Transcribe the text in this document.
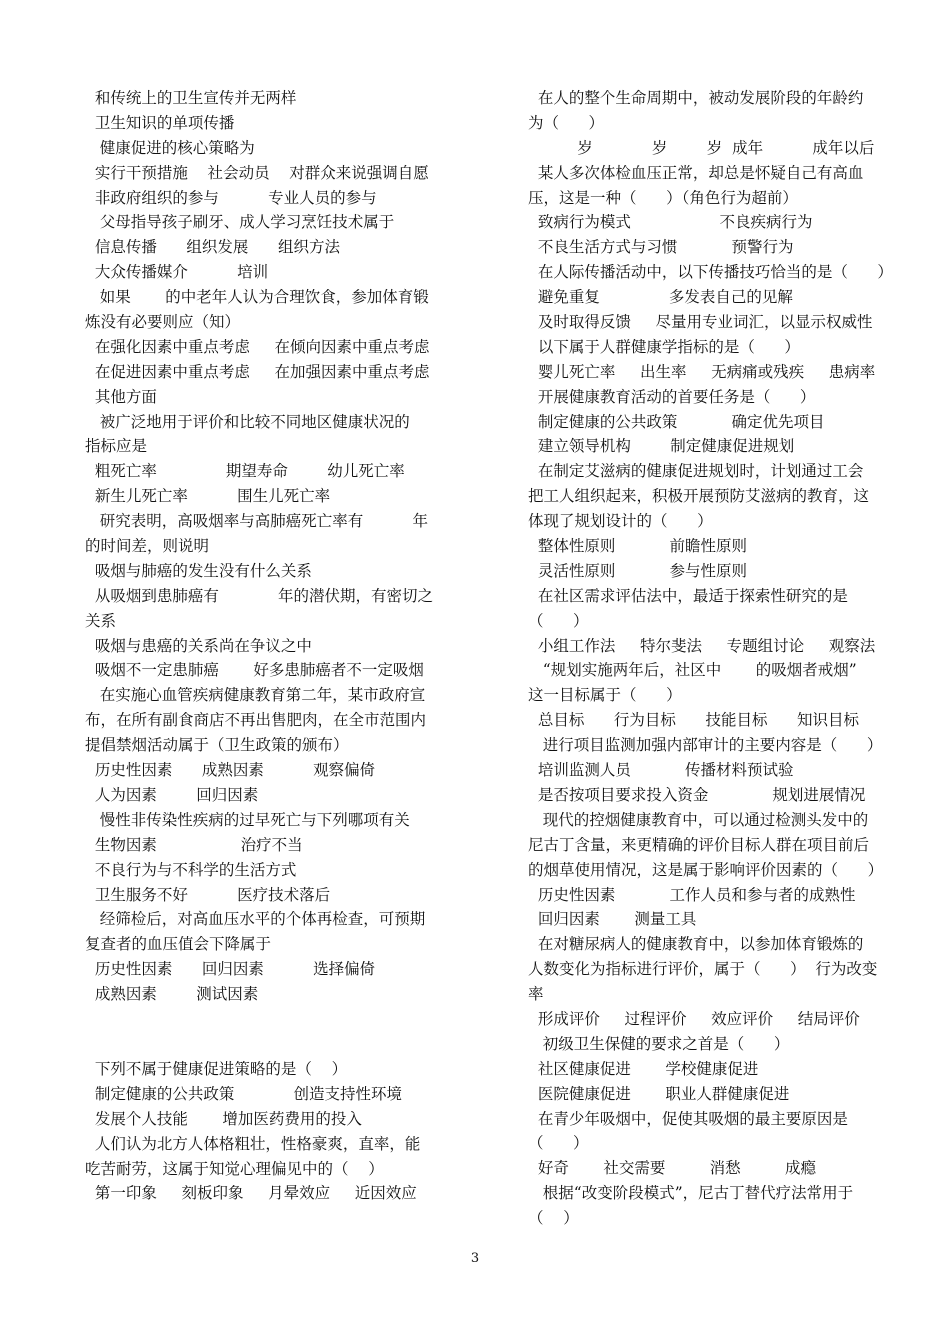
和传统上的卫生宣传并无两样
卫生知识的单项传播
健康促进的核心策略为
实行干预措施    社会动员    对群众来说强调自愿
非政府组织的参与          专业人员的参与
父母指导孩子刷牙、成人学习烹饪技术属于
信息传播      组织发展      组织方法
大众传播媒介          培训
如果       的中老年人认为合理饮食，参加体育锻
炼没有必要则应（知）
在强化因素中重点考虑     在倾向因素中重点考虑
在促进因素中重点考虑     在加强因素中重点考虑
其他方面
被广泛地用于评价和比较不同地区健康状况的
指标应是
粗死亡率              期望寿命        幼儿死亡率
新生儿死亡率          围生儿死亡率
研究表明，高吸烟率与高肺癌死亡率有          年
的时间差，则说明
吸烟与肺癌的发生没有什么关系
从吸烟到患肺癌有            年的潜伏期，有密切之
关系
吸烟与患癌的关系尚在争议之中
吸烟不一定患肺癌       好多患肺癌者不一定吸烟
在实施心血管疾病健康教育第二年，某市政府宣
布，在所有副食商店不再出售肥肉，在全市范围内
提倡禁烟活动属于（卫生政策的颁布）
历史性因素      成熟因素          观察偏倚
人为因素        回归因素
慢性非传染性疾病的过早死亡与下列哪项有关
生物因素                 治疗不当
不良行为与不科学的生活方式
卫生服务不好          医疗技术落后
经筛检后，对高血压水平的个体再检查，可预期
复查者的血压值会下降属于
历史性因素      回归因素          选择偏倚
成熟因素        测试因素
下列不属于健康促进策略的是（    ）
制定健康的公共政策            创造支持性环境
发展个人技能       增加医药费用的投入
人们认为北方人体格粗壮，性格豪爽，直率，能
吃苦耐劳，这属于知觉心理偏见中的（    ）
第一印象     刻板印象     月晕效应     近因效应
在人的整个生命周期中，被动发展阶段的年龄约
为（      ）
岁            岁        岁  成年          成年以后
某人多次体检血压正常，却总是怀疑自己有高血
压，这是一种（      ）（角色行为超前）
致病行为模式                  不良疾病行为
不良生活方式与习惯           预警行为
在人际传播活动中，以下传播技巧恰当的是（      ）
避免重复              多发表自己的见解
及时取得反馈     尽量用专业词汇，以显示权威性
以下属于人群健康学指标的是（      ）
婴儿死亡率     出生率     无病痛或残疾     患病率
开展健康教育活动的首要任务是（      ）
制定健康的公共政策           确定优先项目
建立领导机构        制定健康促进规划
在制定艾滋病的健康促进规划时，计划通过工会
把工人组织起来，积极开展预防艾滋病的教育，这
体现了规划设计的（      ）
整体性原则           前瞻性原则
灵活性原则           参与性原则
在社区需求评估法中，最适于探索性研究的是
（      ）
小组工作法     特尔斐法     专题组讨论     观察法
“规划实施两年后，社区中       的吸烟者戒烟”
这一目标属于（      ）
总目标      行为目标      技能目标      知识目标
进行项目监测加强内部审计的主要内容是（      ）
培训监测人员           传播材料预试验
是否按项目要求投入资金             规划进展情况
现代的控烟健康教育中，可以通过检测头发中的
尼古丁含量，来更精确的评价目标人群在项目前后
的烟草使用情况，这是属于影响评价因素的（      ）
历史性因素           工作人员和参与者的成熟性
回归因素       测量工具
在对糖尿病人的健康教育中，以参加体育锻炼的
人数变化为指标进行评价，属于（      ）  行为改变
率
形成评价     过程评价     效应评价     结局评价
初级卫生保健的要求之首是（      ）
社区健康促进       学校健康促进
医院健康促进       职业人群健康促进
在青少年吸烟中，促使其吸烟的最主要原因是
（      ）
好奇       社交需要         消愁         成瘾
根据“改变阶段模式”，尼古丁替代疗法常用于
（    ）
3
